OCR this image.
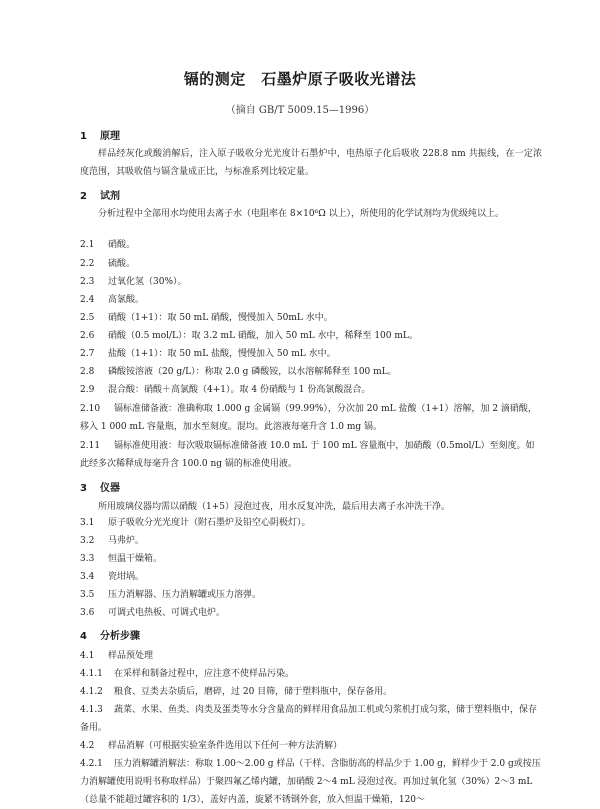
镉的测定　石墨炉原子吸收光谱法
（摘自 GB/T 5009.15—1996）
1 原理
样品经灰化或酸消解后，注入原子吸收分光光度计石墨炉中，电热原子化后吸收 228.8 nm 共振线，在一定浓度范围，其吸收值与镉含量成正比，与标准系列比较定量。
2 试剂
分析过程中全部用水均使用去离子水（电阻率在 8×10⁶Ω 以上），所使用的化学试剂均为优级纯以上。
2.1 硝酸。
2.2 硫酸。
2.3 过氧化氢（30%）。
2.4 高氯酸。
2.5 硝酸（1+1）：取 50 mL 硝酸，慢慢加入 50mL 水中。
2.6 硝酸（0.5 mol/L）：取 3.2 mL 硝酸，加入 50 mL 水中，稀释至 100 mL。
2.7 盐酸（1+1）：取 50 mL 盐酸，慢慢加入 50 mL 水中。
2.8 磷酸铵溶液（20 g/L）：称取 2.0 g 磷酸铵，以水溶解稀释至 100 mL。
2.9 混合酸：硝酸＋高氯酸（4+1）。取 4 份硝酸与 1 份高氯酸混合。
2.10 镉标准储备液：准确称取 1.000 g 金属镉（99.99%），分次加 20 mL 盐酸（1+1）溶解，加 2 滴硝酸，移入 1 000 mL 容量瓶，加水至刻度。混均。此溶液每毫升含 1.0 mg 镉。
2.11 镉标准使用液：每次吸取镉标准储备液 10.0 mL 于 100 mL 容量瓶中，加硝酸（0.5mol/L）至刻度。如此经多次稀释成每毫升含 100.0 ng 镉的标准使用液。
3 仪器
所用玻璃仪器均需以硝酸（1+5）浸泡过夜，用水反复冲洗，最后用去离子水冲洗干净。
3.1 原子吸收分光光度计（附石墨炉及铅空心阴极灯）。
3.2 马弗炉。
3.3 恒温干燥箱。
3.4 瓷坩埚。
3.5 压力消解器、压力消解罐或压力溶弹。
3.6 可调式电热板、可调式电炉。
4 分析步骤
4.1 样品预处理
4.1.1 在采样和制备过程中，应注意不使样品污染。
4.1.2 粮食、豆类去杂质后，磨碎，过 20 目筛，储于塑料瓶中，保存备用。
4.1.3 蔬菜、水果、鱼类、肉类及蛋类等水分含量高的鲜样用食品加工机或匀浆机打成匀浆，储于塑料瓶中，保存备用。
4.2 样品消解（可根据实验室条件选用以下任何一种方法消解）
4.2.1 压力消解罐消解法：称取 1.00～2.00 g 样品（干样、含脂肪高的样品少于 1.00 g，鲜样少于 2.0 g或按压力消解罐使用说明书称取样品）于聚四氟乙烯内罐，加硝酸 2～4 mL 浸泡过夜。再加过氧化氢（30%）2～3 mL（总量不能超过罐容积的 1/3），盖好内盖，旋紧不锈钢外套，放入恒温干燥箱，120～
